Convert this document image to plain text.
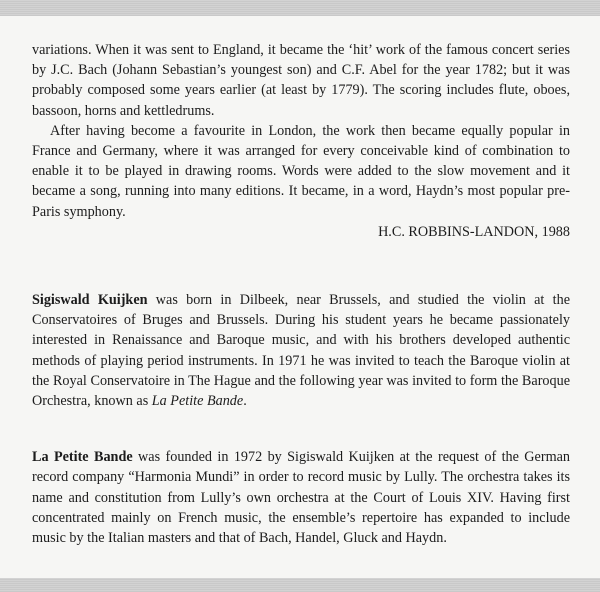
variations. When it was sent to England, it became the ‘hit’ work of the famous concert series by J.C. Bach (Johann Sebastian’s youngest son) and C.F. Abel for the year 1782; but it was probably composed some years earlier (at least by 1779). The scoring includes flute, oboes, bassoon, horns and kettledrums.

After having become a favourite in London, the work then became equally popular in France and Germany, where it was arranged for every conceivable kind of combination to enable it to be played in drawing rooms. Words were added to the slow movement and it became a song, running into many editions. It became, in a word, Haydn’s most popular pre-Paris symphony.

H.C. ROBBINS-LANDON, 1988

Sigiswald Kuijken was born in Dilbeek, near Brussels, and studied the violin at the Conservatoires of Bruges and Brussels. During his student years he became passionately interested in Renaissance and Baroque music, and with his brothers developed authentic methods of playing period instruments. In 1971 he was invited to teach the Baroque violin at the Royal Conservatoire in The Hague and the following year was invited to form the Baroque Orchestra, known as La Petite Bande.

La Petite Bande was founded in 1972 by Sigiswald Kuijken at the request of the German record company “Harmonia Mundi” in order to record music by Lully. The orchestra takes its name and constitution from Lully’s own orchestra at the Court of Louis XIV. Having first concentrated mainly on French music, the ensemble’s repertoire has expanded to include music by the Italian masters and that of Bach, Handel, Gluck and Haydn.
